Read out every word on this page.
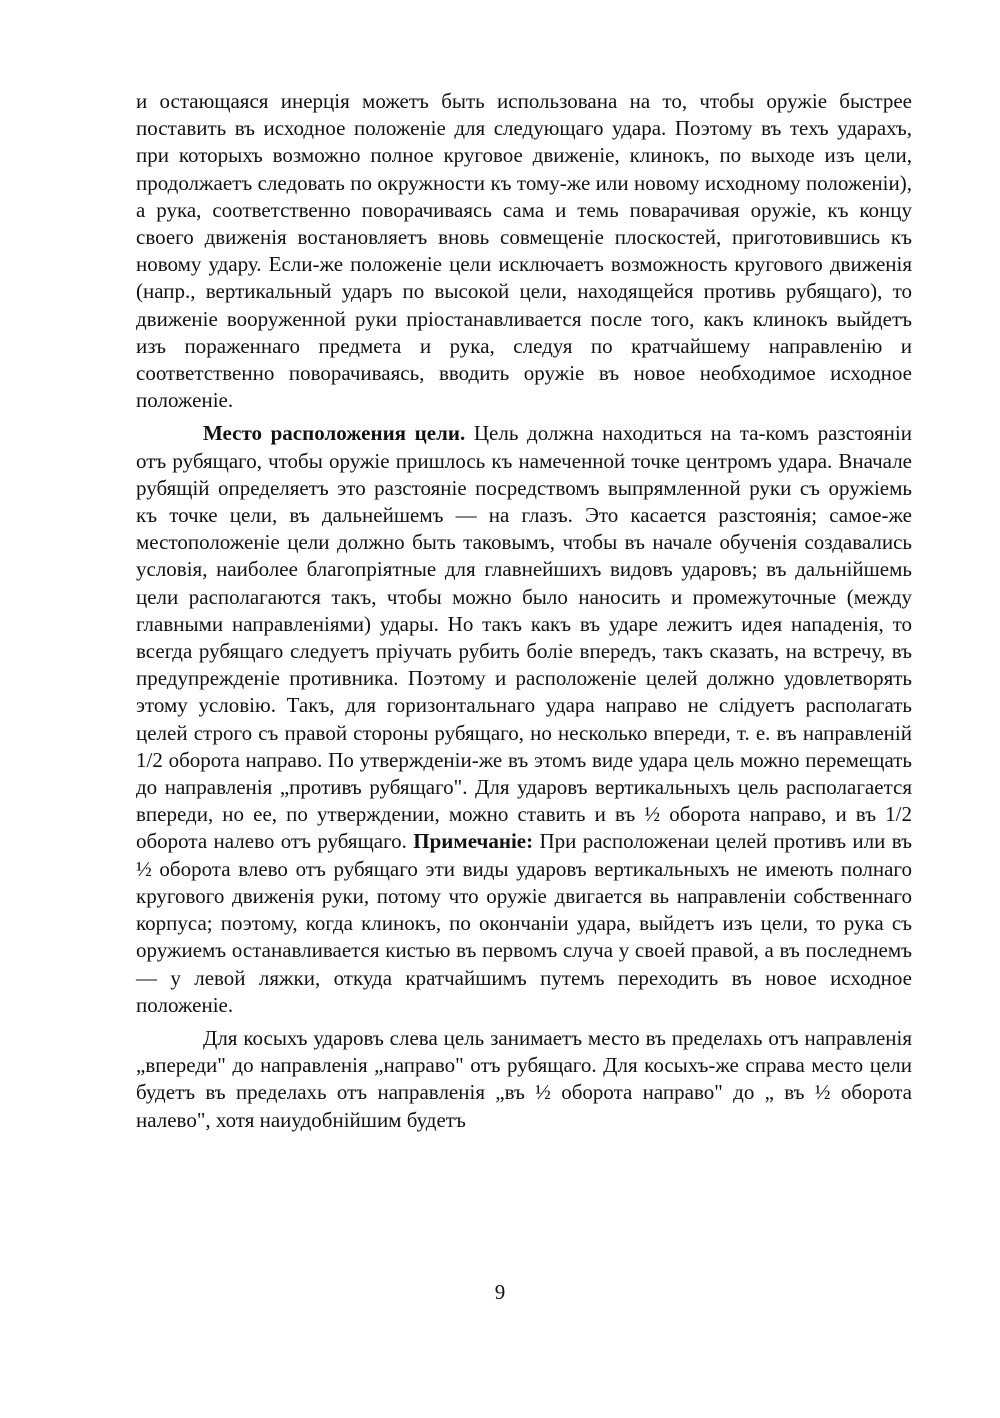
и остающаяся инерція можетъ быть использована на то, чтобы оружіе быстрее поставить въ исходное положеніе для следующаго удара. Поэтому въ техъ ударахъ, при которыхъ возможно полное круговое движеніе, клинокъ, по выходе изъ цели, продолжаетъ следовать по окружности къ тому-же или новому исходному положеніи), а рука, соответственно поворачиваясь сама и темь поварачивая оружіе, къ концу своего движенія востановляетъ вновь совмещеніе плоскостей, приготовившись къ новому удару. Если-же положеніе цели исключаетъ возможность кругового движенія (напр., вертикальный ударъ по высокой цели, находящейся противь рубящаго), то движеніе вооруженной руки пріостанавливается после того, какъ клинокъ выйдетъ изъ пораженнаго предмета и рука, следуя по кратчайшему направленію и соответственно поворачиваясь, вводить оружіе въ новое необходимое исходное положеніе.

Место расположения цели. Цель должна находиться на та-комъ разстояніи отъ рубящаго, чтобы оружіе пришлось къ намеченной точке центромъ удара. Вначале рубящій определяетъ это разстояніе посредствомъ выпрямленной руки съ оружіемь къ точке цели, въ дальнейшемъ — на глазъ. Это касается разстоянія; самое-же местоположеніе цели должно быть таковымъ, чтобы въ начале обученія создавались условія, наиболее благопріятные для главнейшихъ видовъ ударовъ; въ дальнійшемь цели располагаются такъ, чтобы можно было наносить и промежуточные (между главными направленіями) удары. Но такъ какъ въ ударе лежитъ идея нападенія, то всегда рубящаго следуетъ пріучать рубить боліе впередъ, такъ сказать, на встречу, въ предупрежденіе противника. Поэтому и расположеніе целей должно удовлетворять этому условію. Такъ, для горизонтальнаго удара направо не слідуетъ располагать целей строго съ правой стороны рубящаго, но несколько впереди, т. е. въ направленій 1/2 оборота направо. По утвержденіи-же въ этомъ виде удара цель можно перемещать до направленія „противъ рубящаго". Для ударовъ вертикальныхъ цель располагается впереди, но ее, по утверждении, можно ставить и въ ½ оборота направо, и въ 1/2 оборота налево отъ рубящаго. Примечаніе: При расположенаи целей противъ или въ ½ оборота влево отъ рубящаго эти виды ударовъ вертикальныхъ не имеють полнаго кругового движенія руки, потому что оружіе двигается вь направленіи собственнаго корпуса; поэтому, когда клинокъ, по окончаніи удара, выйдетъ изъ цели, то рука съ оружиемъ останавливается кистью въ первомъ случа у своей правой, а въ последнемъ — у левой ляжки, откуда кратчайшимъ путемъ переходить въ новое исходное положеніе.

Для косыхъ ударовъ слева цель занимаетъ место въ пределахь отъ направленія „впереди" до направленія „направо" отъ рубящаго. Для косыхъ-же справа место цели будетъ въ пределахь отъ направленія „въ ½ оборота направо" до „ въ ½ оборота налево", хотя наиудобнійшим будетъ

9
